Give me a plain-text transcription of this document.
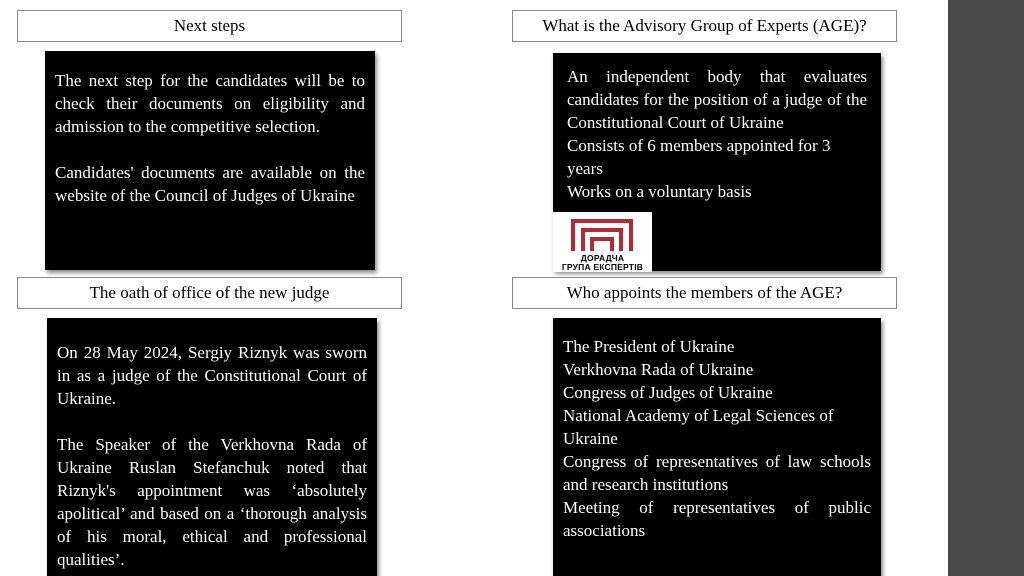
Next steps

The next step for the candidates will be to check their documents on eligibility and admission to the competitive selection.

Candidates' documents are available on the website of the Council of Judges of Ukraine

What is the Advisory Group of Experts (AGE)?

An independent body that evaluates candidates for the position of a judge of the Constitutional Court of Ukraine

Consists of 6 members appointed for 3 years

Works on a voluntary basis

ДОРАДЧА
ГРУПА ЕКСПЕРТІВ
The oath of office of the new judge

On 28 May 2024, Sergiy Riznyk was sworn in as a judge of the Constitutional Court of Ukraine.

The Speaker of the Verkhovna Rada of Ukraine Ruslan Stefanchuk noted that Riznyk's appointment was ‘absolutely apolitical’ and based on a ‘thorough analysis of his moral, ethical and professional qualities’.

Who appoints the members of the AGE?

The President of Ukraine

Verkhovna Rada of Ukraine

Congress of Judges of Ukraine

National Academy of Legal Sciences of Ukraine

Congress of representatives of law schools and research institutions

Meeting of representatives of public associations
